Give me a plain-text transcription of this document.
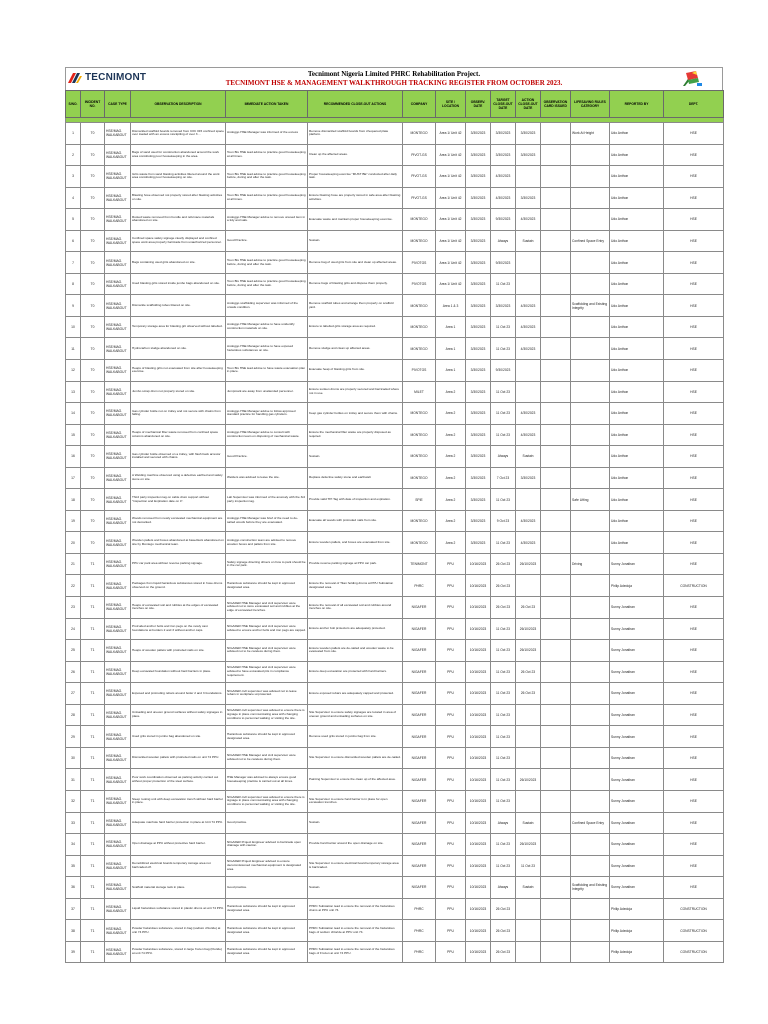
TECNIMONT	Tecnimont Nigeria Limited PHRC Rehabilitation Project.
TECNIMONT HSE & MANAGEMENT WALKTHROUGH TRACKING REGISTER FROM OCTOBER 2023.
S/NO.	INCIDENT NO.	CASE TYPE	OBSERVATION DESCRIPTION	IMMEDIATE ACTION TAKEN	RECOMMENDED CLOSE-OUT ACTIONS	COMPANY	SITE / LOCATION	OBSERV. DATE	TARGET CLOSE-OUT DATE	ACTION CLOSE-OUT DATE	OBSERVATION CARD ISSUED	LIFESAVING RULES CATEGORY	REPORTED BY	DEPT.

1	T0	HSE/MAG. WALKABOUT	Dismantled scaffold boards removed from C0C 015 confined space over loaded with an excess stockpiling of over 3 ...	Andoggo HSE Manager was informed of the excess	Remove dismantled scaffold boards from chequered plate platform.	MONTEGO	Area 1/ Unit 42	3/30/2023	3/30/2023	3/30/2023		Work At Height	Udo Anthon	HSE
2	T0	HSE/MAG. WALKABOUT	Bags of sand used for construction abandoned around the work area constituting poor housekeeping in the area.	Toun Bis HSE lead advise to practice good housekeeping at all times.	Clean up the affected areas.	PIVOT-GS	Area 1/ Unit 42	3/30/2023	3/30/2023	3/30/2023			Udo Anthon	HSE
3	T0	HSE/MAG. WALKABOUT	Grits waste from sand blasting activities littered around the work area constituting poor housekeeping on site.	Toun Bis HSE lead advise to practice good housekeeping before, during and after the task.	Proper housekeeping exercise "MUST BE" conducted after daily task.	PIVOT-GS	Area 1/ Unit 42	3/30/2023	4/30/2023				Udo Anthon	HSE
4	T0	HSE/MAG. WALKABOUT	Blasting hose observed not properly stored after blasting activities on site.	Toun Bis HSE lead advise to practice good housekeeping at all times.	Ensure blasting hose are properly stored in safe area after blasting activities.	PIVOT-GS	Area 1/ Unit 42	3/30/2023	4/30/2023	3/30/2023			Udo Anthon	HSE
5	T0	HSE/MAG. WALKABOUT	Rusted waste removed from bundle and refurnace materials abandoned on site.	Andoggo HSE Manager advise to remove unused item in a tidy and safe.	Evacuate waste and maintain proper housekeeping exercise.	MONTEGO	Area 1/ Unit 42	3/30/2023	9/30/2023	4/30/2023			Udo Anthon	HSE
6	T0	HSE/MAG. WALKABOUT	Confined space safety signage clearly displayed and confined space work area properly barricade from unauthorized personnel.	Good Practice.	Sustain.	MONTEGO	Area 1/ Unit 42	3/30/2023	Always	Sustain		Confined Space Entry	Udo Anthon	HSE
7	T0	HSE/MAG. WALKABOUT	Bags containing used grits abandoned on site.	Toun Bis HSE lead advise to practice good housekeeping before, during and after the task.	Remove bag of used grits from site and clean up affected areas.	PIVOTGS	Area 1/ Unit 42	3/30/2023	9/30/2023				Udo Anthon	HSE
8	T0	HSE/MAG. WALKABOUT	Used blasting grits stored inside jumbo bags abandoned on site.	Toun Bis HSE lead advise to practice good housekeeping before, during and after the task.	Remove bags of blasting grits and dispose them properly.	PIVOTGS	Area 1/ Unit 42	3/30/2023	11 Oct 23				Udo Anthon	HSE
9	T0	HSE/MAG. WALKABOUT	Dismantle scaffolding tubes littered on site.	Andoggo scaffolding supervisor was informed of the unsafe condition.	Remove scaffold tubes and arrange them properly on scaffold yard.	MONTEGO	Area 1 & 3	3/30/2023	3/30/2023	4/30/2023		Scaffolding and Existing Integrity	Udo Anthon	HSE
10	T0	HSE/MAG. WALKABOUT	Temporary storage area for blasting grit observed without labelled.	Andoggo HSE Manager advise to have unidentify construction materials on site.	Ensure to labelled grits storage area as required.	MONTEGO	Area 1	3/30/2023	11 Oct 23	4/30/2023			Udo Anthon	HSE
11	T0	HSE/MAG. WALKABOUT	Hydrocarbon sludge abandoned on site.	Andoggo HSE Manager advise to have exposed hazardous substances on site.	Remove sludge and clean up affected areas.	MONTEGO	Area 1	3/30/2023	11 Oct 23	4/30/2023			Udo Anthon	HSE
12	T0	HSE/MAG. WALKABOUT	Heaps of blasting grits not evacuated from site after housekeeping exercise.	Toun Bis HSE lead advise to have waste evacuation plan in place.	Evacuate heap of blasting grits from site.	PIVOTGS	Area 1	3/30/2023	9/30/2023				Udo Anthon	HSE
13	T0	HSE/MAG. WALKABOUT	Jumbo scrap drum not properly stored on site.	Jumpmark are away from unattended personnel.	Ensure sunken drums are properly secured and barricaded where not in use.	MILET	Area 2	3/30/2023	11 Oct 23				Udo Anthon	HSE
14	T0	HSE/MAG. WALKABOUT	Gas cylinder bottle not on trolley and not secure with chains from falling.	Andoggo HSE Manager advise to follow approved standard practice for handling gas cylinders.	Keep gas cylinder bottles on trolley and secure them with chains.	MONTEGO	Area 2	3/30/2023	11 Oct 23	4/30/2023			Udo Anthon	HSE
15	T0	HSE/MAG. WALKABOUT	Heaps of mechanical filter waste removed from confined space columns abandoned on site.	Andoggo HSE Manager advise to consult with construction team on disposing of mechanical waste.	Ensure the mechanical filter waste are properly disposed as required.	MONTEGO	Area 2	3/30/2023	11 Oct 23	4/30/2023			Udo Anthon	HSE
16	T0	HSE/MAG. WALKABOUT	Gas cylinder bottle observed on a trolley, with flash back arrestor installed and secured with chains.	Good Practice.	Sustain.	MONTEGO	Area 2	3/30/2023	Always	Sustain			Udo Anthon	HSE
17	T0	HSE/MAG. WALKABOUT	A Welding machine observed using a defective earthed and safety stone on site.	Welders was advised to leave the site.	Replace defective safety stone and earthwall.	MONTEGO	Area 2	3/30/2023	7 Oct 23	3/30/2023			Udo Anthon	HSE
18	T0	HSE/MAG. WALKABOUT	Third party inspection tag on cable drum support without "Inspection and Expiration date on it".	Lab Supervisor was informed of the anomaly with the 3rd party inspection tag.	Provide valid TPI Tag with date of inspection and expiration.	SPIE	Area 2	3/30/2023	11 Oct 23			Safe Lifting	Udo Anthon	HSE
19	T0	HSE/MAG. WALKABOUT	Woods removed from newly excavated mechanical equipment are not demarked.	Andoggo HSE Manager was brief of the need to de-salted woods before they are evacuated.	Evacuate all woods with protruded nails from site.	MONTEGO	Area 2	3/30/2023	9 Oct 23	4/30/2023			Udo Anthon	HSE
20	T0	HSE/MAG. WALKABOUT	Wooden pallets and boxes abandoned at base/deck abandoned on site by Montego mechanical team.	Andoggo construction team are advised to remove wooden boxes and pallets from site.	Ensure wooden pallets, and boxes are evacuated from site.	MONTEGO	Area 2	3/30/2023	11 Oct 23	4/30/2023			Udo Anthon	HSE
21	T1	HSE/MAG. WALKABOUT	PPU car park area without reverse parking signage.	Safety signage directing drivers on how to park should be in the car park.	Provide reverse parking signage at PPU car park.	TENIMONT	PPU	10/16/2023	26 Oct 23	26/10/2023		Driving	Sunny Jonathan	HSE
22	T1	HSE/MAG. WALKABOUT	Packages from liquid hazardous substances stored in hose drums observed on the ground.	Hazardous substance should be kept in approved designated area.	Ensure the removal of Titan holding drums at PPU Substation designated area.	PHRC	PPU	10/16/2023	26 Oct 23				Philip Adedoja	CONSTRUCTION
23	T1	HSE/MAG. WALKABOUT	Heaps of excavated soil and rubbles at the edges of excavated trenches on site.	NIGAFER HSE Manager and civil supervisor were advised not to store excavated soil and rubbles at the edge of excavated trenches.	Ensure the removal of all excavated soil and rubbles around trenches on site.	NIGAFER	PPU	10/16/2023	26 Oct 23	26 Oct 23			Sunny Jonathan	HSE
24	T1	HSE/MAG. WALKABOUT	Protruded anchor bolts and iron pegs on the newly cast foundations at borders 2 and 3 without anchor caps.	NIGAFER HSE Manager and civil supervisor were advised to ensure anchor bolts and iron pegs are capped.	Ensure anchor bolt protectors are adequately protected.	NIGAFER	PPU	10/16/2023	11 Oct 23	26/10/2023			Sunny Jonathan	HSE
25	T1	HSE/MAG. WALKABOUT	Heaps of wooden pallets with protruded nails on site.	NIGAFER HSE Manager and civil supervisor were advised not to be careless during them.	Ensure wooden pallets are de-nailed and wooden waste to be evacuated from site.	NIGAFER	PPU	10/16/2023	11 Oct 23	26/10/2023			Sunny Jonathan	HSE
26	T1	HSE/MAG. WALKABOUT	Deep excavated foundation without hard barriers in place.	NIGAFER HSE Manager and civil supervisor were advised to have excavated pits in compliance requirement.	Ensure deep excavation are protected with hard barriers.	NIGAFER	PPU	10/16/2023	11 Oct 23	26 Oct 23			Sunny Jonathan	HSE
27	T1	HSE/MAG. WALKABOUT	Exposed and protruding rebars around boiler 2 and 3 foundations.	NIGAFER civil supervisor was advised not to leave rebars in workplace unprotected.	Ensure exposed rebars are adequately capped and protected.	NIGAFER	PPU	10/16/2023	11 Oct 23	26 Oct 23			Sunny Jonathan	HSE
28	T1	HSE/MAG. WALKABOUT	Unloading and uneven ground surfaces without safety signages in place.	NIGAFER civil supervisor was advised to ensure there is signage in place communicating area with changing conditions to personnel walking or visiting the site.	Site Supervisor to ensure safety signages are located in area of uneven ground and unloading surfaces on site.	NIGAFER	PPU	10/16/2023	11 Oct 23				Sunny Jonathan	HSE
29	T1	HSE/MAG. WALKABOUT	Used grits stored in jumbo bag abandoned on site.	Hazardous substance should be kept in approved designated area.	Remove used grits stored in jumbo bag from site.	NIGAFER	PPU	10/16/2023	11 Oct 23				Sunny Jonathan	HSE
30	T1	HSE/MAG. WALKABOUT	Dismantled wooden pallets with protruded nails on unit 74 PPU.	NIGAFER HSE Manager and civil supervisor were advised not to be careless during them.	Site Supervisor to ensure dismantled wooden pallets are de-nailed.	NIGAFER	PPU	10/16/2023	11 Oct 23				Sunny Jonathan	HSE
31	T1	HSE/MAG. WALKABOUT	Poor work coordination observed as parking activity carried out without proper protection of the steel surface.	HSE Manager was advised to always ensure good housekeeping practice is carried out at all times.	Painting Supervisor to ensure the clean up of the affected area.	NIGAFER	PPU	10/16/2023	11 Oct 23	26/10/2023			Sunny Jonathan	HSE
32	T1	HSE/MAG. WALKABOUT	Steep rooting unit with deep excavation trench without hard barrier in place.	NIGAFER civil supervisor was advised to ensure there is signage in place communicating area with changing conditions to personnel walking or visiting the site.	Site Supervisor to ensure hard barrier is in place for open excavation trenches.	NIGAFER	PPU	10/16/2023	11 Oct 23				Sunny Jonathan	HSE
33	T1	HSE/MAG. WALKABOUT	Adequate manhole hard barrier protection in place at Unit 74 PPU.	Good practice.	Sustain.	NIGAFER	PPU	10/16/2023	Always	Sustain		Confined Space Entry	Sunny Jonathan	HSE
34	T1	HSE/MAG. WALKABOUT	Open drainage at PPU without protective hard barrier.	NIGAFER Project Engineer advised to barricade open drainage with caution.	Provide hard barrier around the open drainage on site.	NIGAFER	PPU	10/16/2023	11 Oct 23	26/10/2023			Sunny Jonathan	HSE
35	T1	HSE/MAG. WALKABOUT	Demobilized electrical boards temporary storage area not barricaded off.	NIGAFER Project Engineer advised to ensure decommissioned mechanical equipment is designated area.	Site Supervisor to ensure electrical board temporary storage area is barricaded.	NIGAFER	PPU	10/16/2023	11 Oct 23	11 Oct 23			Sunny Jonathan	HSE
36	T1	HSE/MAG. WALKABOUT	Scaffold material storage rack in place.	Good practice.	Sustain.	NIGAFER	PPU	10/16/2023	Always	Sustain		Scaffolding and Existing Integrity	Sunny Jonathan	HSE
37	T1	HSE/MAG. WALKABOUT	Liquid hazardous substance stored in plastic drums at unit 74 PPU.	Hazardous substance should be kept in approved designated area.	PHRC Substation lead to ensure the removal of the hazardous drums at PPU unit 74.	PHRC	PPU	10/16/2023	26 Oct 23				Philip Adedoja	CONSTRUCTION
38	T1	HSE/MAG. WALKABOUT	Powder hazardous substance, stored in bag (sodium chloride) at unit 74 PPU.	Hazardous substance should be kept in approved designated area.	PHRC Substation lead to ensure the removal of the hazardous bags of sodium chloride at PPU unit 74.	PHRC	PPU	10/16/2023	26 Oct 23				Philip Adedoja	CONSTRUCTION
39	T1	HSE/MAG. WALKABOUT	Powder hazardous substance, stored in large frozen bag (Floride) at unit 74 PPU.	Hazardous substance should be kept in approved designated area.	PHRC Substation lead to ensure the removal of the hazardous bags of Frozen at unit 74 PPU.	PHRC	PPU	10/16/2023	26 Oct 23				Philip Adedoja	CONSTRUCTION
